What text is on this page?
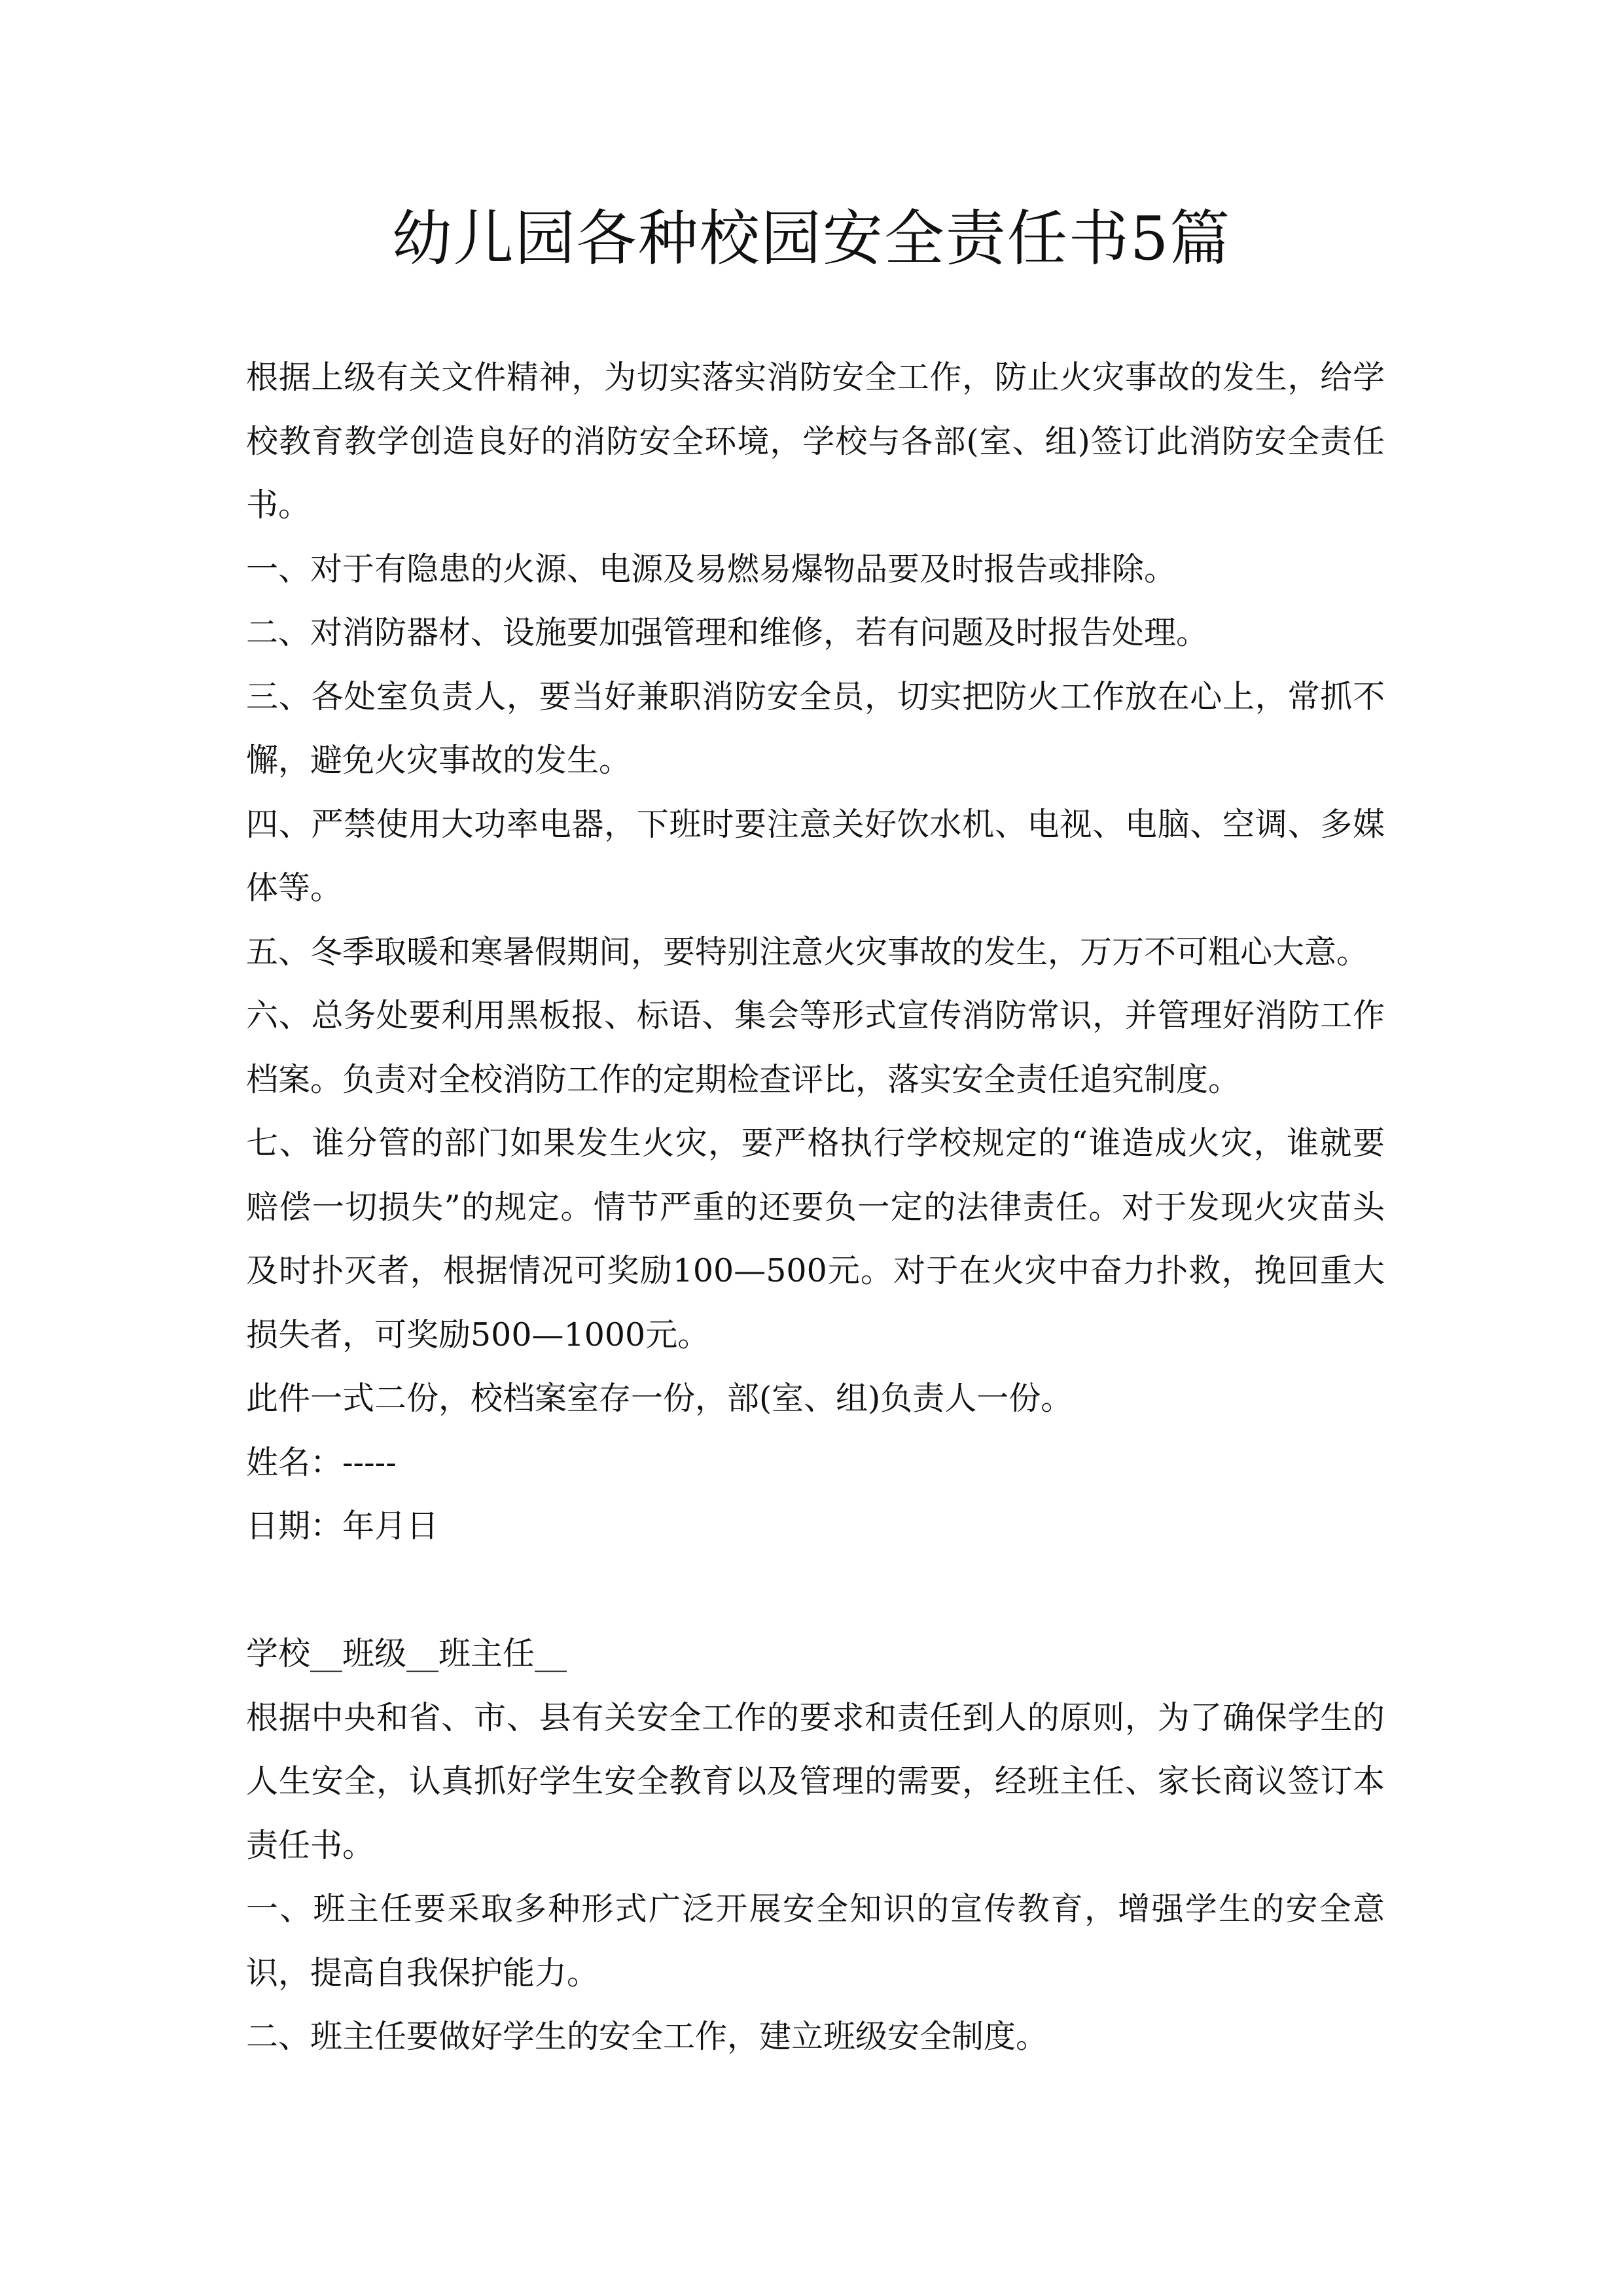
幼儿园各种校园安全责任书5篇

根据上级有关文件精神，为切实落实消防安全工作，防止火灾事故的发生，给学校教育教学创造良好的消防安全环境，学校与各部(室、组)签订此消防安全责任书。

一、对于有隐患的火源、电源及易燃易爆物品要及时报告或排除。

二、对消防器材、设施要加强管理和维修，若有问题及时报告处理。

三、各处室负责人，要当好兼职消防安全员，切实把防火工作放在心上，常抓不懈，避免火灾事故的发生。

四、严禁使用大功率电器，下班时要注意关好饮水机、电视、电脑、空调、多媒体等。

五、冬季取暖和寒暑假期间，要特别注意火灾事故的发生，万万不可粗心大意。

六、总务处要利用黑板报、标语、集会等形式宣传消防常识，并管理好消防工作档案。负责对全校消防工作的定期检查评比，落实安全责任追究制度。

七、谁分管的部门如果发生火灾，要严格执行学校规定的“谁造成火灾，谁就要赔偿一切损失”的规定。情节严重的还要负一定的法律责任。对于发现火灾苗头及时扑灭者，根据情况可奖励100—500元。对于在火灾中奋力扑救，挽回重大损失者，可奖励500—1000元。

此件一式二份，校档案室存一份，部(室、组)负责人一份。

姓名：-----

日期：年月日

学校__班级__班主任__

根据中央和省、市、县有关安全工作的要求和责任到人的原则，为了确保学生的人生安全，认真抓好学生安全教育以及管理的需要，经班主任、家长商议签订本责任书。

一、班主任要采取多种形式广泛开展安全知识的宣传教育，增强学生的安全意识，提高自我保护能力。

二、班主任要做好学生的安全工作，建立班级安全制度。
